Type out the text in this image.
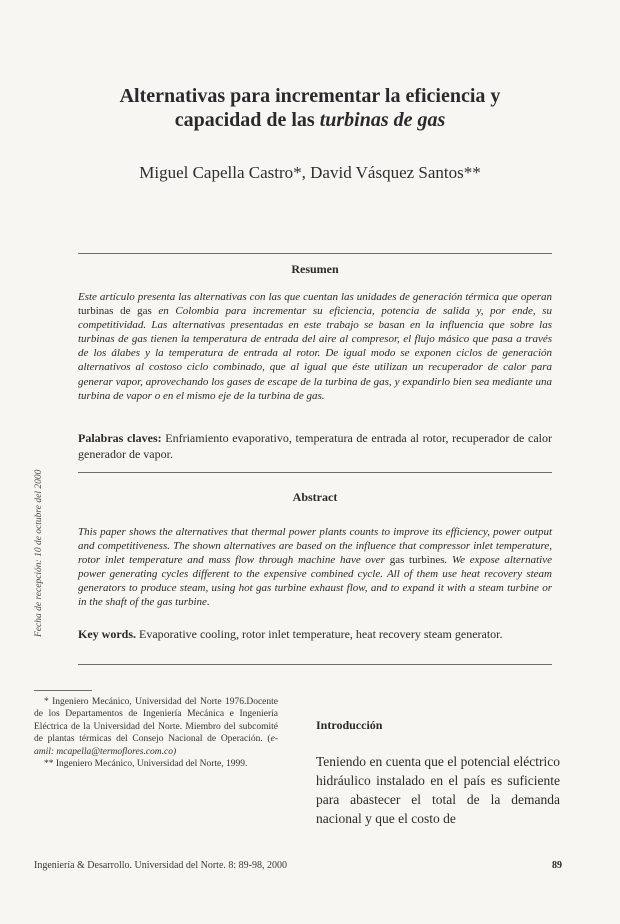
Alternativas para incrementar la eficiencia y
capacidad de las turbinas de gas
Miguel Capella Castro*, David Vásquez Santos**
Resumen
Este artículo presenta las alternativas con las que cuentan las unidades de generación térmica que operan turbinas de gas en Colombia para incrementar su eficiencia, potencia de salida y, por ende, su competitividad. Las alternativas presentadas en este trabajo se basan en la influencia que sobre las turbinas de gas tienen la temperatura de entrada del aire al compresor, el flujo másico que pasa a través de los álabes y la temperatura de entrada al rotor. De igual modo se exponen ciclos de generación alternativos al costoso ciclo combinado, que al igual que éste utilizan un recuperador de calor para generar vapor, aprovechando los gases de escape de la turbina de gas, y expandirlo bien sea mediante una turbina de vapor o en el mismo eje de la turbina de gas.
Palabras claves: Enfriamiento evaporativo, temperatura de entrada al rotor, recuperador de calor generador de vapor.
Abstract
This paper shows the alternatives that thermal power plants counts to improve its efficiency, power output and competitiveness. The shown alternatives are based on the influence that compressor inlet temperature, rotor inlet temperature and mass flow through machine have over gas turbines. We expose alternative power generating cycles different to the expensive combined cycle. All of them use heat recovery steam generators to produce steam, using hot gas turbine exhaust flow, and to expand it with a steam turbine or in the shaft of the gas turbine.
Key words. Evaporative cooling, rotor inlet temperature, heat recovery steam generator.
Fecha de recepción: 10 de octubre del 2000

* Ingeniero Mecánico, Universidad del Norte 1976.Docente de los Departamentos de Ingeniería Mecánica e Ingeniería Eléctrica de la Universidad del Norte. Miembro del subcomité de plantas térmicas del Consejo Nacional de Operación. (e-amil: mcapella@termoflores.com.co)

** Ingeniero Mecánico, Universidad del Norte, 1999.

Introducción
Teniendo en cuenta que el potencial eléctrico hidráulico instalado en el país es suficiente para abastecer el total de la demanda nacional y que el costo de
Ingeniería & Desarrollo. Universidad del Norte. 8: 89-98, 2000	89
